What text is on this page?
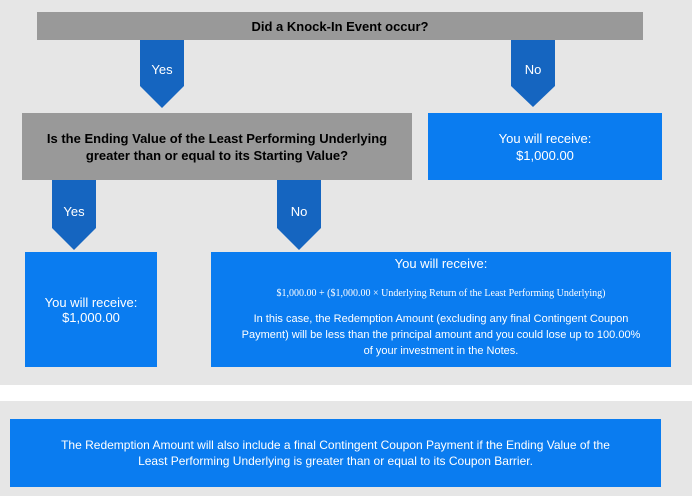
Did a Knock-In Event occur?
Yes	No
Is the Ending Value of the Least Performing Underlying
greater than or equal to its Starting Value?
You will receive:
$1,000.00
Yes	No
You will receive:
$1,000.00
You will receive:
$1,000.00 + ($1,000.00 × Underlying Return of the Least Performing Underlying)
In this case, the Redemption Amount (excluding any final Contingent Coupon
Payment) will be less than the principal amount and you could lose up to 100.00%
of your investment in the Notes.
The Redemption Amount will also include a final Contingent Coupon Payment if the Ending Value of the
Least Performing Underlying is greater than or equal to its Coupon Barrier.
